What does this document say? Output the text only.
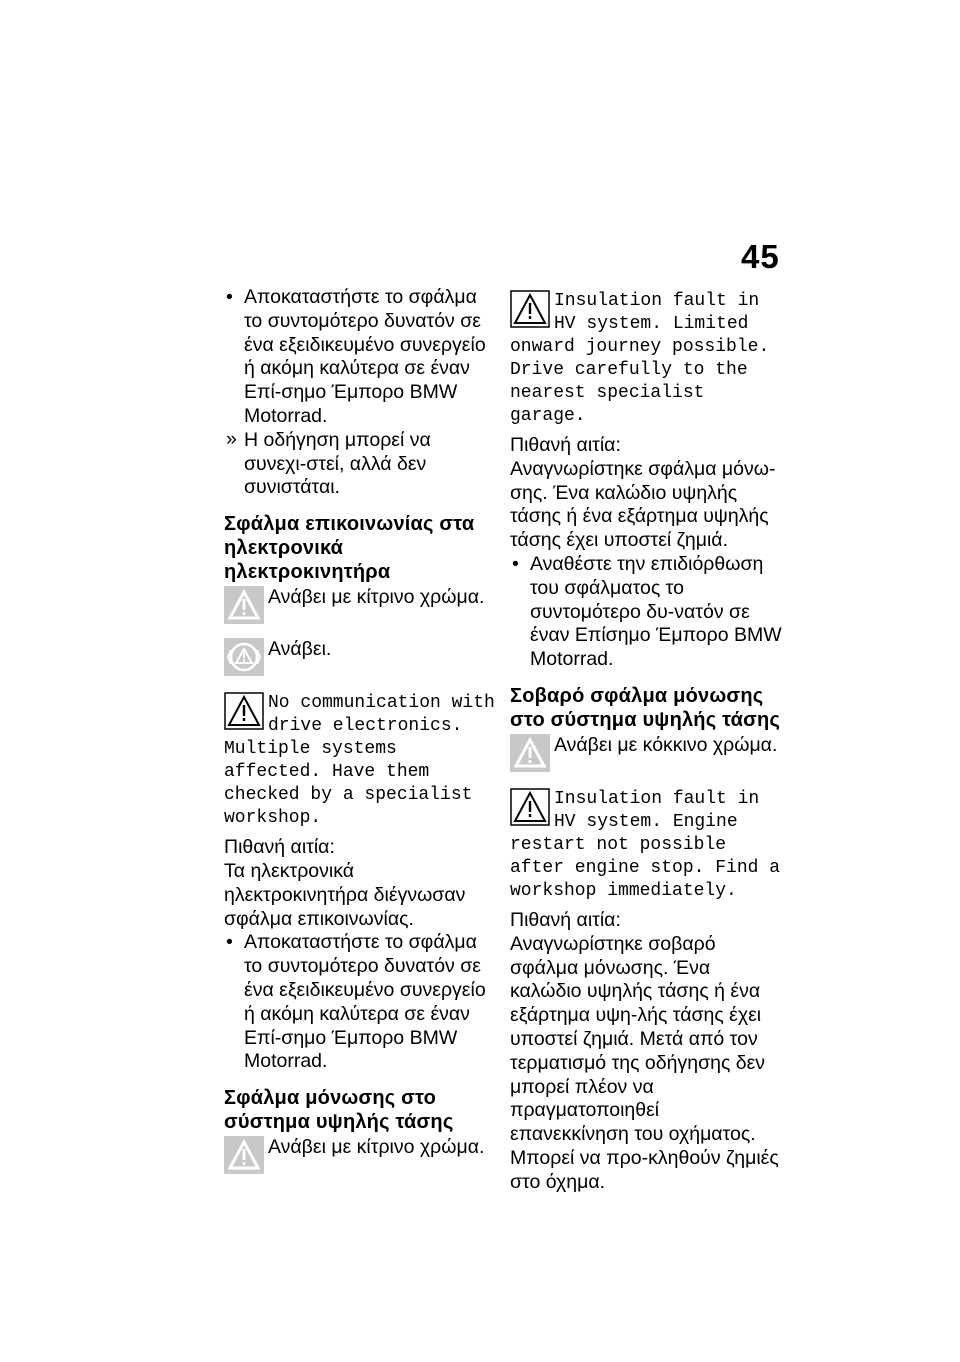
45

• Αποκαταστήστε το σφάλμα το συντομότερο δυνατόν σε ένα εξειδικευμένο συνεργείο ή ακόμη καλύτερα σε έναν Επί-σημο Έμπορο BMW Motorrad.

» Η οδήγηση μπορεί να συνεχι-στεί, αλλά δεν συνιστάται.

Σφάλμα επικοινωνίας στα ηλεκτρονικά ηλεκτροκινητήρα

Ανάβει με κίτρινο χρώμα.

Ανάβει.

No communication with drive electronics. Multiple systems affected. Have them checked by a specialist workshop.

Πιθανή αιτία:

Τα ηλεκτρονικά ηλεκτροκινητήρα διέγνωσαν σφάλμα επικοινωνίας.

• Αποκαταστήστε το σφάλμα το συντομότερο δυνατόν σε ένα εξειδικευμένο συνεργείο ή ακόμη καλύτερα σε έναν Επί-σημο Έμπορο BMW Motorrad.

Σφάλμα μόνωσης στο σύστημα υψηλής τάσης

Ανάβει με κίτρινο χρώμα.

Insulation fault in HV system. Limited onward journey possible. Drive carefully to the nearest specialist garage.

Πιθανή αιτία:

Αναγνωρίστηκε σφάλμα μόνω-σης. Ένα καλώδιο υψηλής τάσης ή ένα εξάρτημα υψηλής τάσης έχει υποστεί ζημιά.

• Αναθέστε την επιδιόρθωση του σφάλματος το συντομότερο δυ-νατόν σε έναν Επίσημο Έμπορο BMW Motorrad.

Σοβαρό σφάλμα μόνωσης στο σύστημα υψηλής τάσης

Ανάβει με κόκκινο χρώμα.

Insulation fault in HV system. Engine restart not possible after engine stop. Find a workshop immediately.

Πιθανή αιτία:

Αναγνωρίστηκε σοβαρό σφάλμα μόνωσης. Ένα καλώδιο υψηλής τάσης ή ένα εξάρτημα υψη-λής τάσης έχει υποστεί ζημιά. Μετά από τον τερματισμό της οδήγησης δεν μπορεί πλέον να πραγματοποιηθεί επανεκκίνηση του οχήματος. Μπορεί να προ-κληθούν ζημιές στο όχημα.
